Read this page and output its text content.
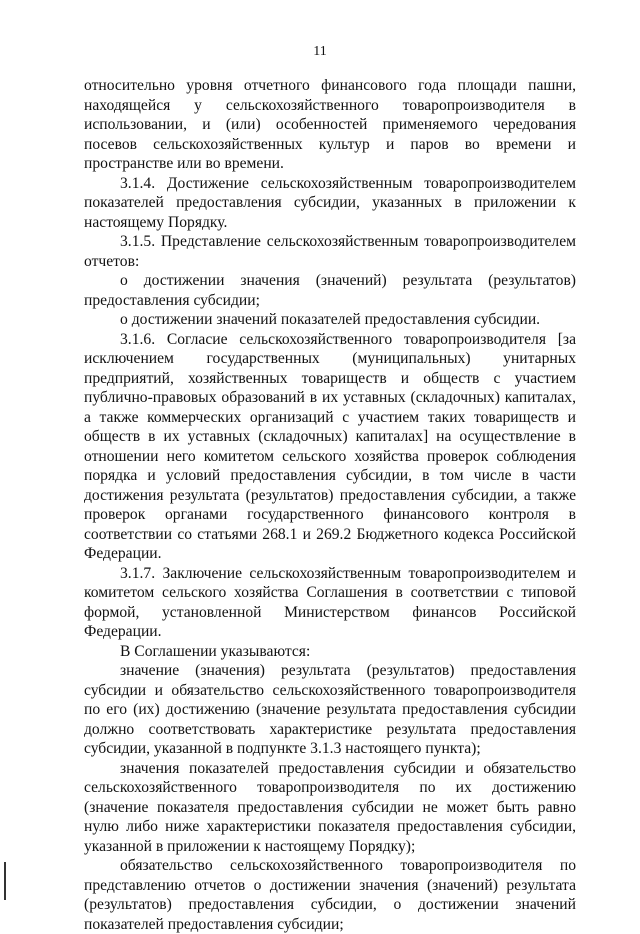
11

относительно уровня отчетного финансового года площади пашни, находящейся у сельскохозяйственного товаропроизводителя в использовании, и (или) особенностей применяемого чередования посевов сельскохозяйственных культур и паров во времени и пространстве или во времени.

3.1.4. Достижение сельскохозяйственным товаропроизводителем показателей предоставления субсидии, указанных в приложении к настоящему Порядку.

3.1.5. Представление сельскохозяйственным товаропроизводителем отчетов:

о достижении значения (значений) результата (результатов) предоставления субсидии;

о достижении значений показателей предоставления субсидии.

3.1.6. Согласие сельскохозяйственного товаропроизводителя [за исключением государственных (муниципальных) унитарных предприятий, хозяйственных товариществ и обществ с участием публично-правовых образований в их уставных (складочных) капиталах, а также коммерческих организаций с участием таких товариществ и обществ в их уставных (складочных) капиталах] на осуществление в отношении него комитетом сельского хозяйства проверок соблюдения порядка и условий предоставления субсидии, в том числе в части достижения результата (результатов) предоставления субсидии, а также проверок органами государственного финансового контроля в соответствии со статьями 268.1 и 269.2 Бюджетного кодекса Российской Федерации.

3.1.7. Заключение сельскохозяйственным товаропроизводителем и комитетом сельского хозяйства Соглашения в соответствии с типовой формой, установленной Министерством финансов Российской Федерации.

В Соглашении указываются:

значение (значения) результата (результатов) предоставления субсидии и обязательство сельскохозяйственного товаропроизводителя по его (их) достижению (значение результата предоставления субсидии должно соответствовать характеристике результата предоставления субсидии, указанной в подпункте 3.1.3 настоящего пункта);

значения показателей предоставления субсидии и обязательство сельскохозяйственного товаропроизводителя по их достижению (значение показателя предоставления субсидии не может быть равно нулю либо ниже характеристики показателя предоставления субсидии, указанной в приложении к настоящему Порядку);

обязательство сельскохозяйственного товаропроизводителя по представлению отчетов о достижении значения (значений) результата (результатов) предоставления субсидии, о достижении значений показателей предоставления субсидии;
